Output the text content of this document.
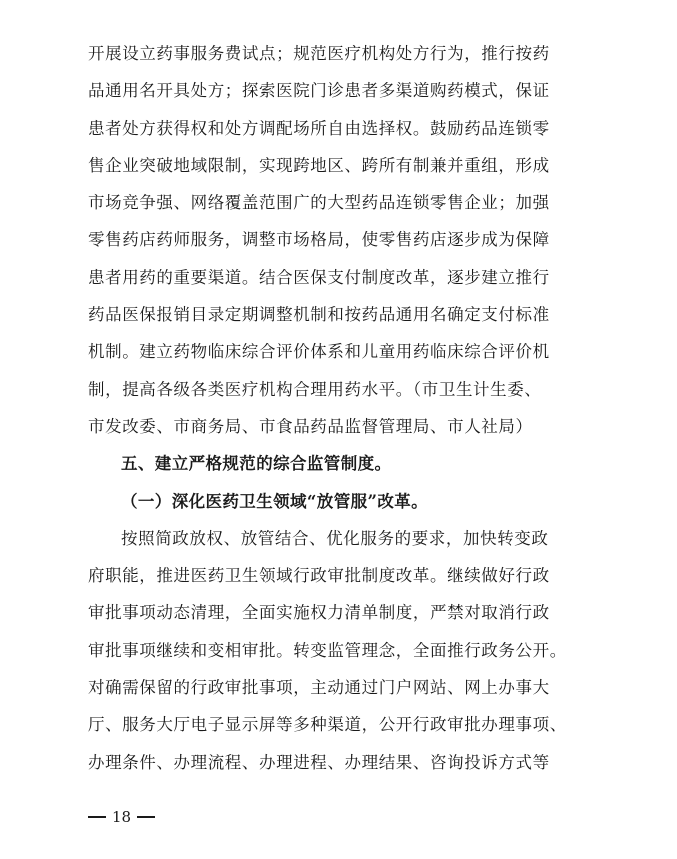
开展设立药事服务费试点；规范医疗机构处方行为，推行按药
品通用名开具处方；探索医院门诊患者多渠道购药模式，保证
患者处方获得权和处方调配场所自由选择权。鼓励药品连锁零
售企业突破地域限制，实现跨地区、跨所有制兼并重组，形成
市场竞争强、网络覆盖范围广的大型药品连锁零售企业；加强
零售药店药师服务，调整市场格局，使零售药店逐步成为保障
患者用药的重要渠道。结合医保支付制度改革，逐步建立推行
药品医保报销目录定期调整机制和按药品通用名确定支付标准
机制。建立药物临床综合评价体系和儿童用药临床综合评价机
制，提高各级各类医疗机构合理用药水平。（市卫生计生委、
市发改委、市商务局、市食品药品监督管理局、市人社局）
五、建立严格规范的综合监管制度。
（一）深化医药卫生领域“放管服”改革。
按照简政放权、放管结合、优化服务的要求，加快转变政
府职能，推进医药卫生领域行政审批制度改革。继续做好行政
审批事项动态清理，全面实施权力清单制度，严禁对取消行政
审批事项继续和变相审批。转变监管理念，全面推行政务公开。
对确需保留的行政审批事项，主动通过门户网站、网上办事大
厅、服务大厅电子显示屏等多种渠道，公开行政审批办理事项、
办理条件、办理流程、办理进程、办理结果、咨询投诉方式等
18
